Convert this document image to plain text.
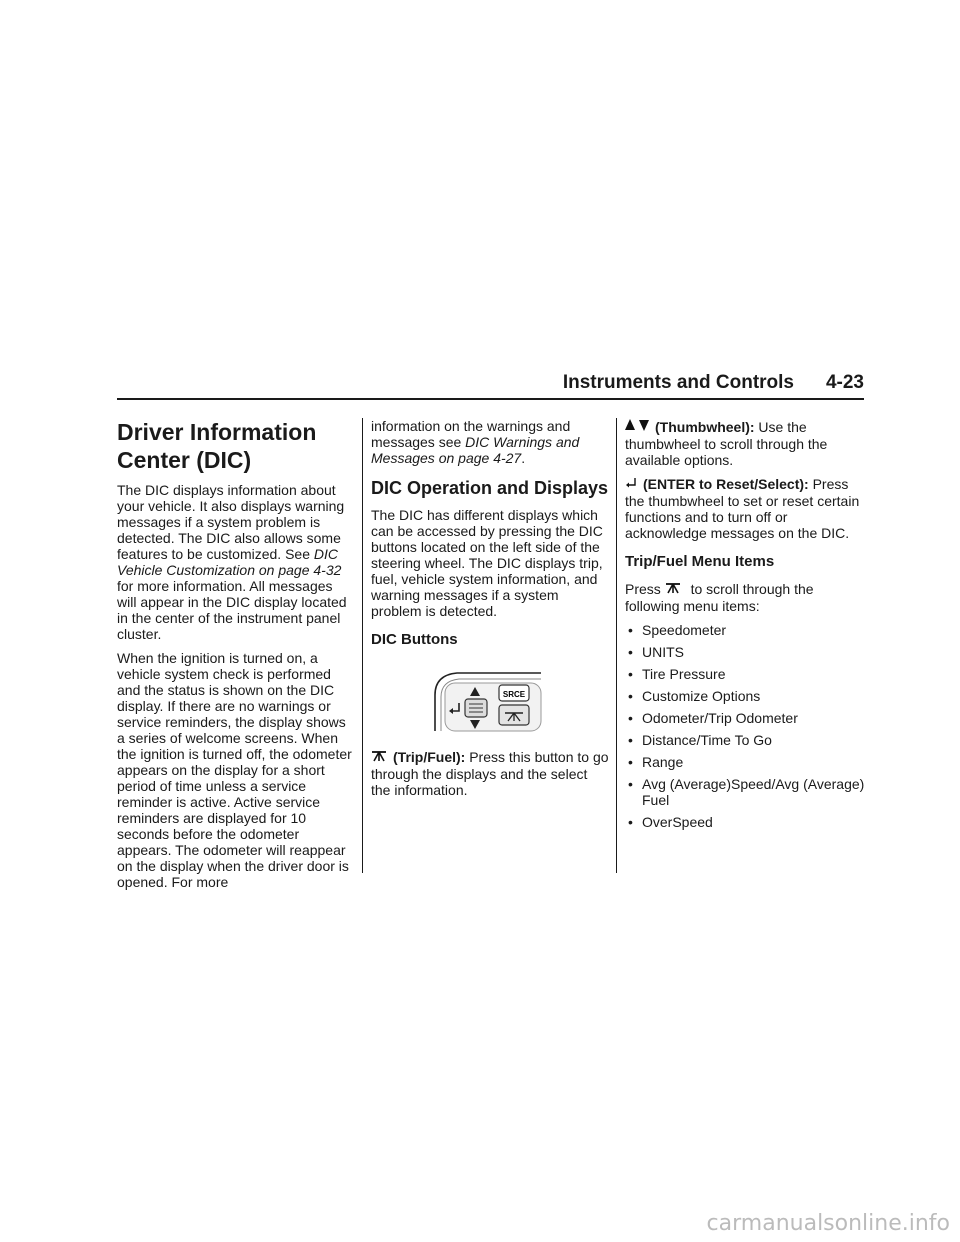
Instruments and Controls 4-23
Driver Information Center (DIC)

The DIC displays information about your vehicle. It also displays warning messages if a system problem is detected. The DIC also allows some features to be customized. See DIC Vehicle Customization on page 4-32 for more information. All messages will appear in the DIC display located in the center of the instrument panel cluster.

When the ignition is turned on, a vehicle system check is performed and the status is shown on the DIC display. If there are no warnings or service reminders, the display shows a series of welcome screens. When the ignition is turned off, the odometer appears on the display for a short period of time unless a service reminder is active. Active service reminders are displayed for 10 seconds before the odometer appears. The odometer will reappear on the display when the driver door is opened. For more

information on the warnings and messages see DIC Warnings and Messages on page 4-27.

DIC Operation and Displays

The DIC has different displays which can be accessed by pressing the DIC buttons located on the left side of the steering wheel. The DIC displays trip, fuel, vehicle system information, and warning messages if a system problem is detected.

DIC Buttons
SRCE

(Trip/Fuel): Press this button to go through the displays and the select the information.

(Thumbwheel): Use the thumbwheel to scroll through the available options.

(ENTER to Reset/Select): Press the thumbwheel to set or reset certain functions and to turn off or acknowledge messages on the DIC.

Trip/Fuel Menu Items

Press  to scroll through the following menu items:

• Speedometer
• UNITS
• Tire Pressure
• Customize Options
• Odometer/Trip Odometer
• Distance/Time To Go
• Range
• Avg (Average)Speed/Avg (Average) Fuel
• OverSpeed
carmanualsonline.info
